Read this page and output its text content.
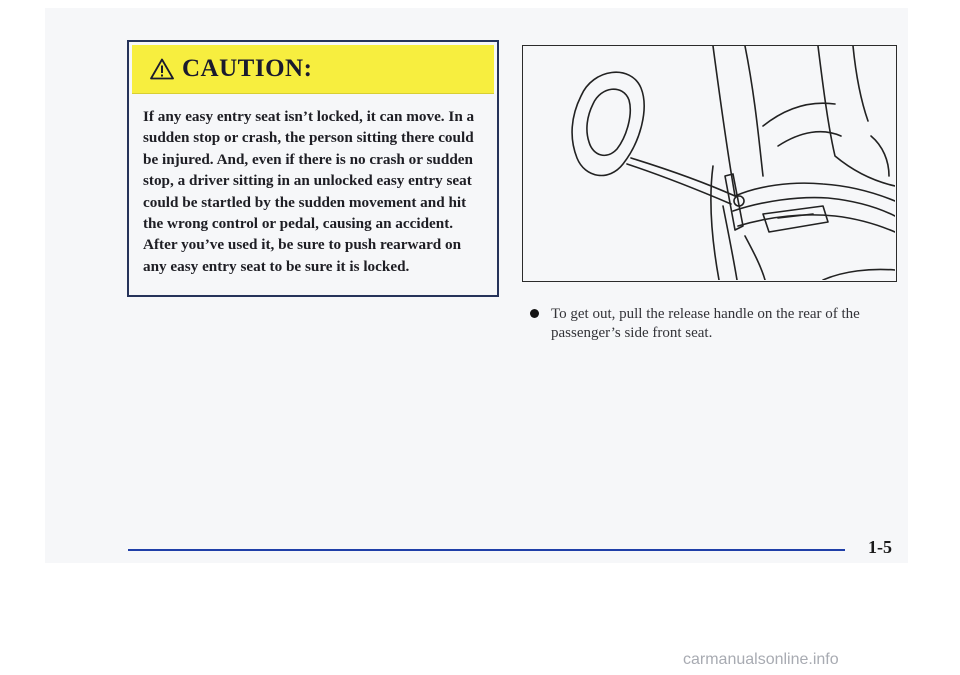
CAUTION:

If any easy entry seat isn’t locked, it can move. In a sudden stop or crash, the person sitting there could be injured. And, even if there is no crash or sudden stop, a driver sitting in an unlocked easy entry seat could be startled by the sudden movement and hit the wrong control or pedal, causing an accident. After you’ve used it, be sure to push rearward on any easy entry seat to be sure it is locked.

To get out, pull the release handle on the rear of the passenger’s side front seat.

1-5
carmanualsonline.info
